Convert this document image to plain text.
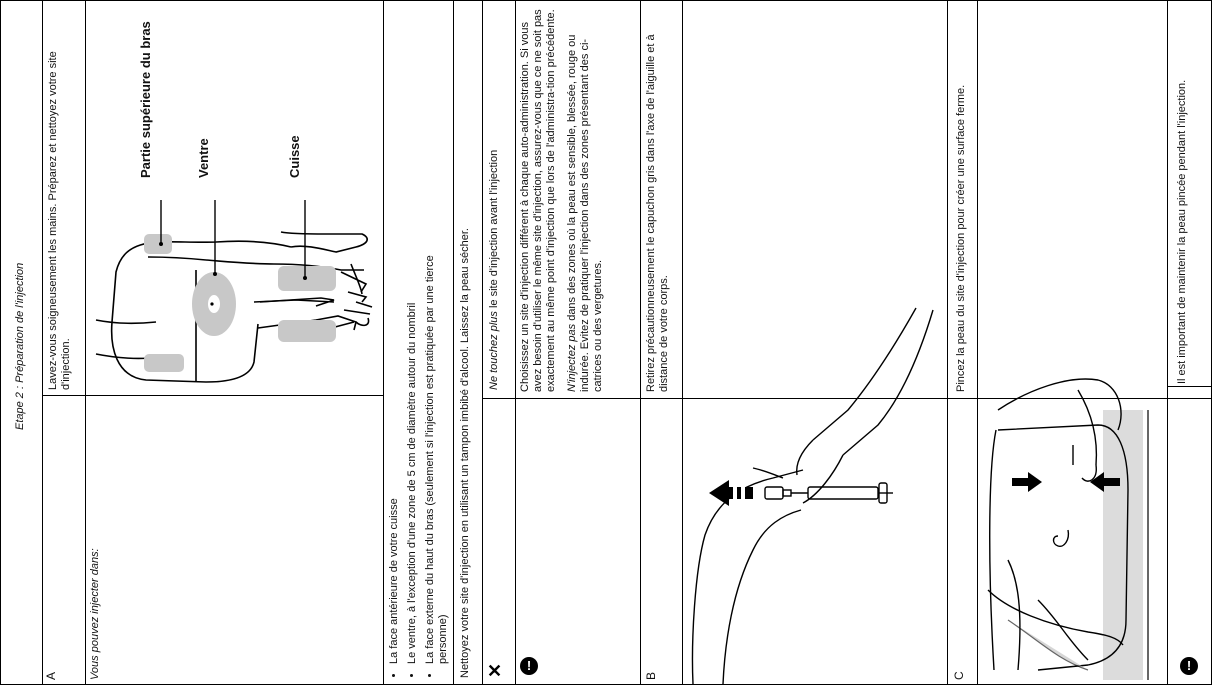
Etape 2 : Préparation de l'injection
A
Lavez-vous soigneusement les mains. Préparez et nettoyez votre site d'injection.
Vous pouvez injecter dans:
Partie supérieure du bras	Ventre	Cuisse
• La face antérieure de votre cuisse • Le ventre, à l'exception d'une zone de 5 cm de diamètre autour du nombril • La face externe du haut du bras (seulement si l'injection est pratiquée par une tierce personne) Nettoyez votre site d'injection en utilisant un tampon imbibé d'alcool. Laissez la peau sécher. ✕
Ne touchez plus le site d'injection avant l'injection
!
Choisissez un site d'injection différent à chaque auto-administration. Si vous avez besoin d'utiliser le même site d'injection, assurez-vous que ce ne soit pas exactement au même point d'injection que lors de l'administra-tion précédente. N'injectez pas dans des zones où la peau est sensible, blessée, rouge ou indurée. Evitez de pratiquer l'injection dans des zones présentant des ci-catrices ou des vergetures.
B
Retirez précautionneusement le capuchon gris dans l'axe de l'aiguille et à distance de votre corps.
C
Pincez la peau du site d'injection pour créer une surface ferme.
!
Il est important de maintenir la peau pincée pendant l'injection.
